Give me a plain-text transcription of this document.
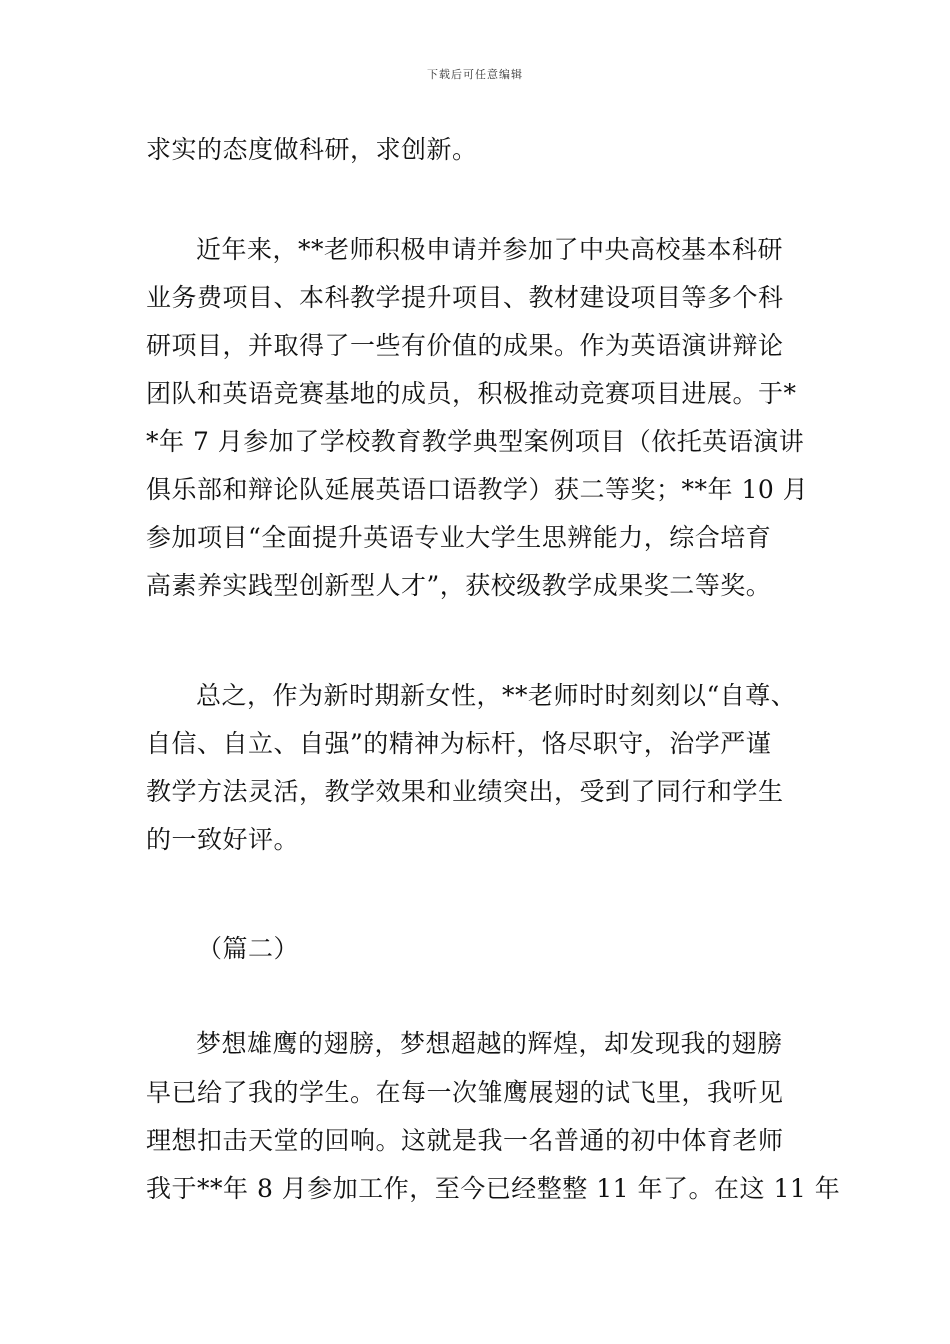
下载后可任意编辑
求实的态度做科研，求创新。
近年来，**老师积极申请并参加了中央高校基本科研
业务费项目、本科教学提升项目、教材建设项目等多个科
研项目，并取得了一些有价值的成果。作为英语演讲辩论
团队和英语竞赛基地的成员，积极推动竞赛项目进展。于*
*年 7 月参加了学校教育教学典型案例项目（依托英语演讲
俱乐部和辩论队延展英语口语教学）获二等奖；**年 10 月
参加项目“全面提升英语专业大学生思辨能力，综合培育
高素养实践型创新型人才”，获校级教学成果奖二等奖。
总之，作为新时期新女性，**老师时时刻刻以“自尊、
自信、自立、自强”的精神为标杆，恪尽职守，治学严谨
教学方法灵活，教学效果和业绩突出，受到了同行和学生
的一致好评。
（篇二）
梦想雄鹰的翅膀，梦想超越的辉煌，却发现我的翅膀
早已给了我的学生。在每一次雏鹰展翅的试飞里，我听见
理想扣击天堂的回响。这就是我一名普通的初中体育老师
我于**年 8 月参加工作，至今已经整整 11 年了。在这 11 年
